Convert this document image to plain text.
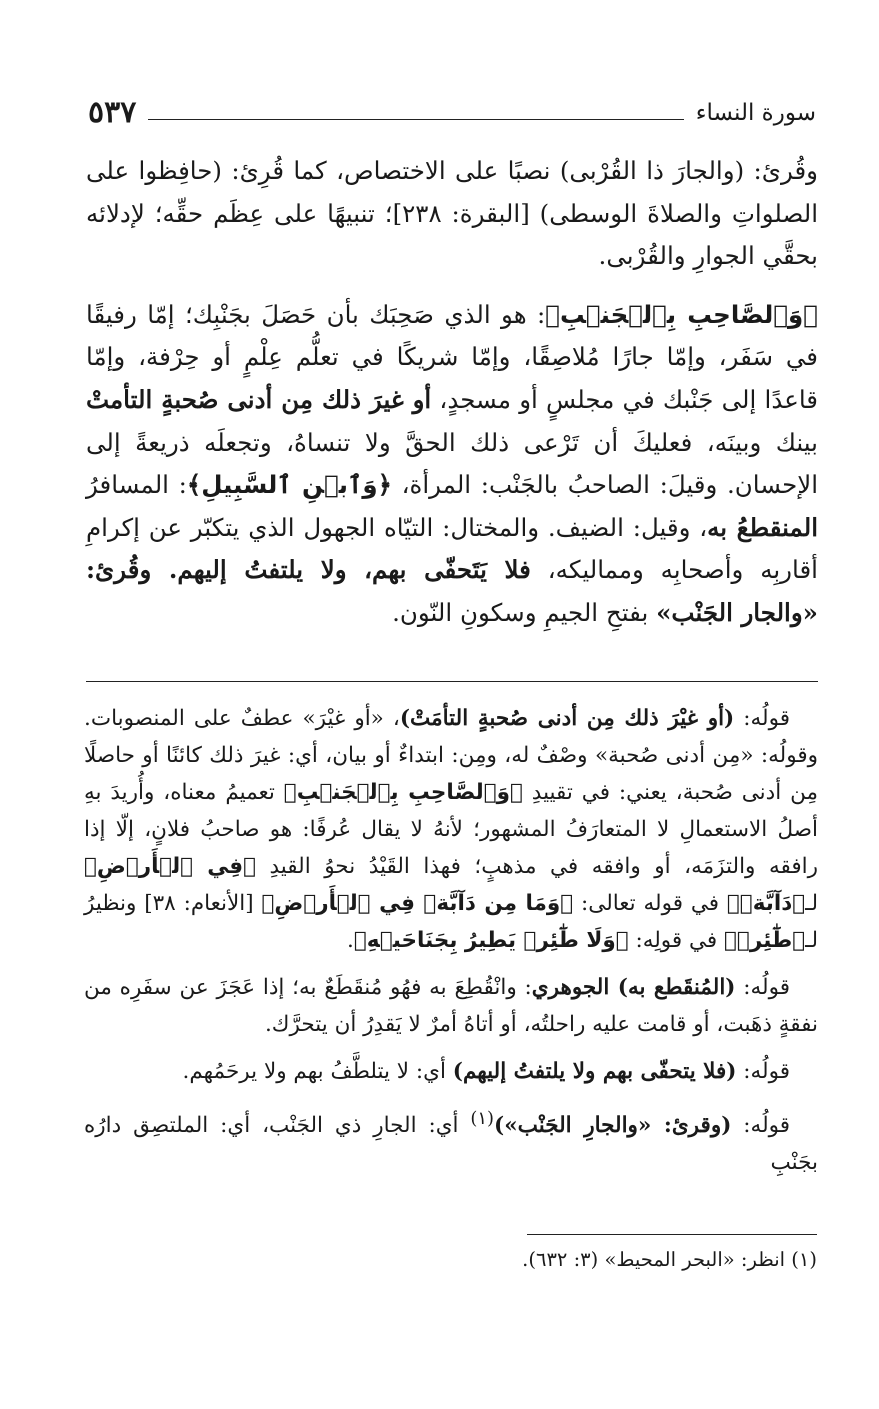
سورة النساء
٥٣٧

وقُرئ: (والجارَ ذا القُرْبى) نصبًا على الاختصاص، كما قُرِئ: (حافِظوا على الصلواتِ والصلاةَ الوسطى) [البقرة: ٢٣٨]؛ تنبيهًا على عِظَم حقِّه؛ لإدلائه بحقَّي الجوارِ والقُرْبى.

﴿وَٱلصَّاحِبِ بِٱلۡجَنۢبِ﴾: هو الذي صَحِبَك بأن حَصَلَ بجَنْبِك؛ إمّا رفيقًا في سَفَر، وإمّا جارًا مُلاصِقًا، وإمّا شريكًا في تعلُّم عِلْمٍ أو حِرْفة، وإمّا قاعدًا إلى جَنْبك في مجلسٍ أو مسجدٍ، أو غيرَ ذلك مِن أدنى صُحبةٍ التأمتْ بينك وبينَه، فعليكَ أن تَرْعى ذلك الحقَّ ولا تنساهُ، وتجعلَه ذريعةً إلى الإحسان. وقيلَ: الصاحبُ بالجَنْب: المرأة، ﴿وَٱبۡنِ ٱلسَّبِيلِ﴾: المسافرُ المنقطعُ به، وقيل: الضيف. والمختال: التيّاه الجهول الذي يتكبّر عن إكرامِ أقاربِه وأصحابِه ومماليكه، فلا يَتَحفّى بهم، ولا يلتفتُ إليهم. وقُرئ: «والجار الجَنْب» بفتحِ الجيمِ وسكونِ النّون.

قولُه: (أو غيْرَ ذلك مِن أدنى صُحبةٍ التأمَتْ)، «أو غيْرَ» عطفٌ على المنصوبات. وقولُه: «مِن أدنى صُحبة» وصْفٌ له، ومِن: ابتداءٌ أو بيان، أي: غيرَ ذلك كائنًا أو حاصلًا مِن أدنى صُحبة، يعني: في تقييدِ ﴿وَٱلصَّاحِبِ بِٱلۡجَنۢبِ﴾ تعميمُ معناه، وأُريدَ بهِ أصلُ الاستعمالِ لا المتعارَفُ المشهور؛ لأنهُ لا يقال عُرفًا: هو صاحبُ فلانٍ، إلّا إذا رافقه والتزَمَه، أو وافقه في مذهبٍ؛ فهذا القَيْدُ نحوُ القيدِ ﴿فِي ٱلۡأَرۡضِ﴾ لـ﴿دَآبَّةٖ﴾ في قوله تعالى: ﴿وَمَا مِن دَآبَّةٖ فِي ٱلۡأَرۡضِ﴾ [الأنعام: ٣٨] ونظيرُ لـ﴿طَٰٓئِرٖ﴾ في قولِه: ﴿وَلَا طَٰٓئِرٖ يَطِيرُ بِجَنَاحَيۡهِ﴾.

قولُه: (المُنقَطع به) الجوهري: وانْقُطِعَ به فهُو مُنقَطَعٌ به؛ إذا عَجَزَ عن سفَرِه من نفقةٍ ذهَبت، أو قامت عليه راحلتُه، أو أتاهُ أمرٌ لا يَقدِرُ أن يتحرَّك.

قولُه: (فلا يتحفّى بهم ولا يلتفتُ إليهم) أي: لا يتلطَّفُ بهم ولا يرحَمُهم.

قولُه: (وقرئ: «والجارِ الجَنْب»)$^{(١)}$ أي: الجارِ ذي الجَنْب، أي: الملتصِق دارُه بجَنْبِ

(١) انظر: «البحر المحيط» (٣: ٦٣٢).
